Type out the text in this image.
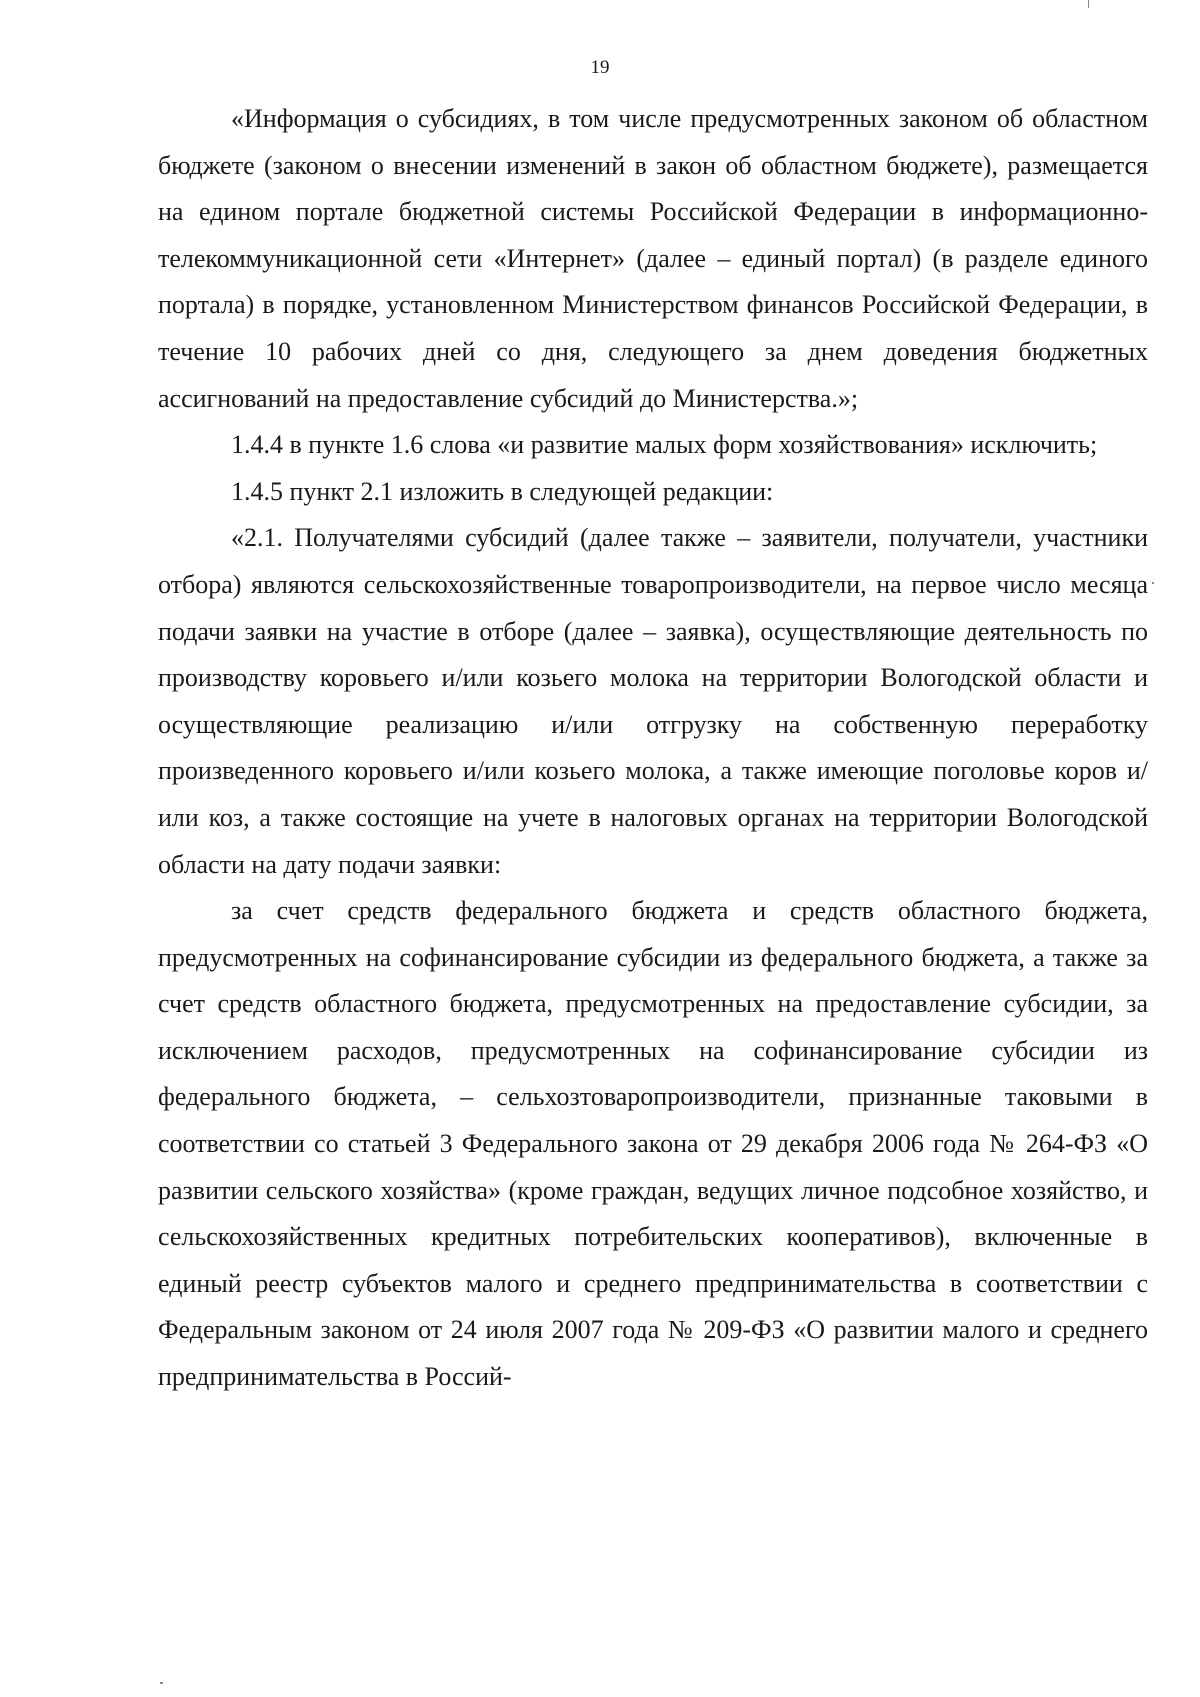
19

«Информация о субсидиях, в том числе предусмотренных законом об областном бюджете (законом о внесении изменений в закон об областном бюджете), размещается на едином портале бюджетной системы Российской Федерации в информационно-телекоммуникационной сети «Интернет» (далее – единый портал) (в разделе единого портала) в порядке, установленном Министерством финансов Российской Федерации, в течение 10 рабочих дней со дня, следующего за днем доведения бюджетных ассигнований на предоставление субсидий до Министерства.»;

1.4.4 в пункте 1.6 слова «и развитие малых форм хозяйствования» исключить;

1.4.5 пункт 2.1 изложить в следующей редакции:

«2.1. Получателями субсидий (далее также – заявители, получатели, участники отбора) являются сельскохозяйственные товаропроизводители, на первое число месяца подачи заявки на участие в отборе (далее – заявка), осуществляющие деятельность по производству коровьего и/или козьего молока на территории Вологодской области и осуществляющие реализацию и/или отгрузку на собственную переработку произведенного коровьего и/или козьего молока, а также имеющие поголовье коров и/или коз, а также состоящие на учете в налоговых органах на территории Вологодской области на дату подачи заявки:

за счет средств федерального бюджета и средств областного бюджета, предусмотренных на софинансирование субсидии из федерального бюджета, а также за счет средств областного бюджета, предусмотренных на предоставление субсидии, за исключением расходов, предусмотренных на софинансирование субсидии из федерального бюджета, – сельхозтоваропроизводители, признанные таковыми в соответствии со статьей 3 Федерального закона от 29 декабря 2006 года № 264-ФЗ «О развитии сельского хозяйства» (кроме граждан, ведущих личное подсобное хозяйство, и сельскохозяйственных кредитных потребительских кооперативов), включенные в единый реестр субъектов малого и среднего предпринимательства в соответствии с Федеральным законом от 24 июля 2007 года № 209-ФЗ «О развитии малого и среднего предпринимательства в Россий-
